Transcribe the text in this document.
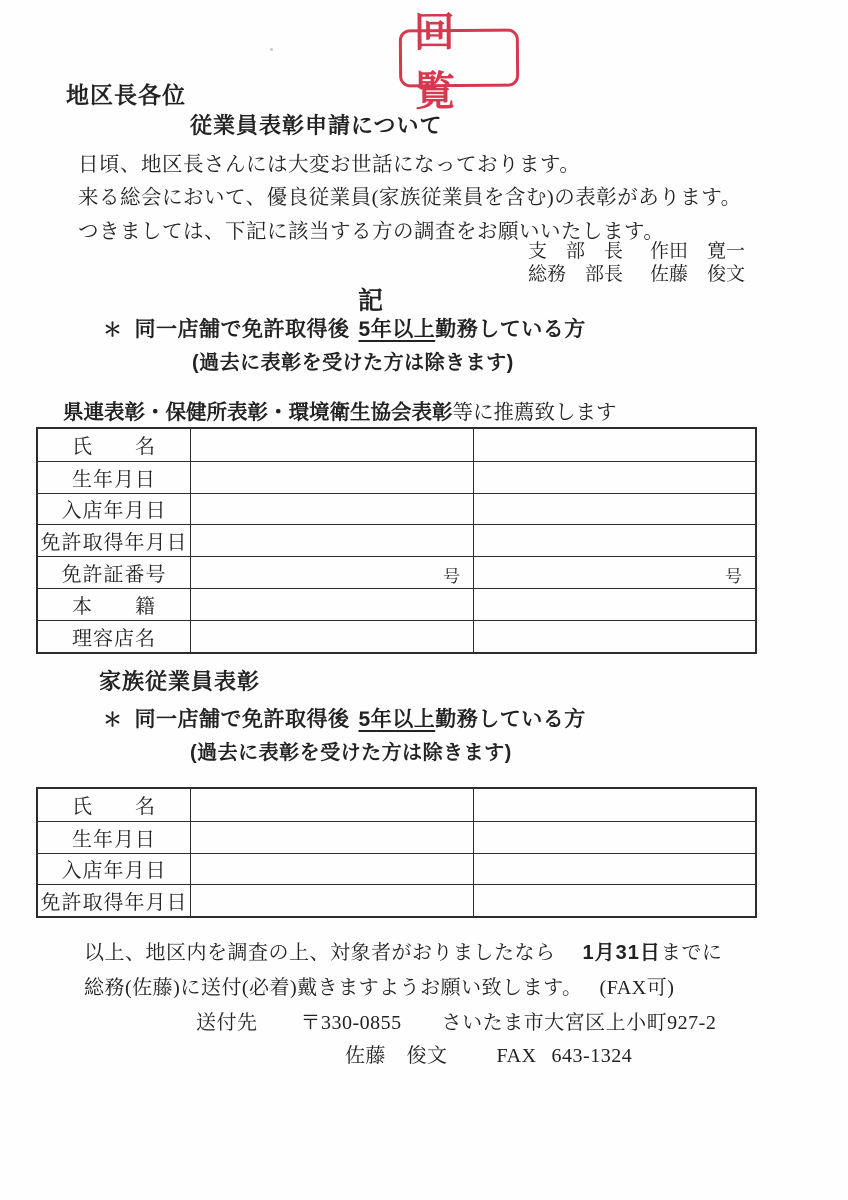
回覧
地区長各位
従業員表彰申請について
日頃、地区長さんには大変お世話になっております。
来る総会において、優良従業員(家族従業員を含む)の表彰があります。
つきましては、下記に該当する方の調査をお願いいたします。
支　部　長	作田　寛一
総務　部長	佐藤　俊文
記
＊ 同一店舗で免許取得後 5年以上勤務している方
(過去に表彰を受けた方は除きます)
県連表彰・保健所表彰・環境衛生協会表彰等に推薦致します
氏　　名
生年月日
入店年月日
免許取得年月日
免許証番号	号	号
本　　籍
理容店名
家族従業員表彰
＊ 同一店舗で免許取得後 5年以上勤務している方
(過去に表彰を受けた方は除きます)
氏　　名
生年月日
入店年月日
免許取得年月日
以上、地区内を調査の上、対象者がおりましたなら 1月31日までに
総務(佐藤)に送付(必着)戴きますようお願い致します。 (FAX可)
送付先 〒330-0855 さいたま市大宮区上小町927-2
佐藤　俊文 FAX 643-1324
